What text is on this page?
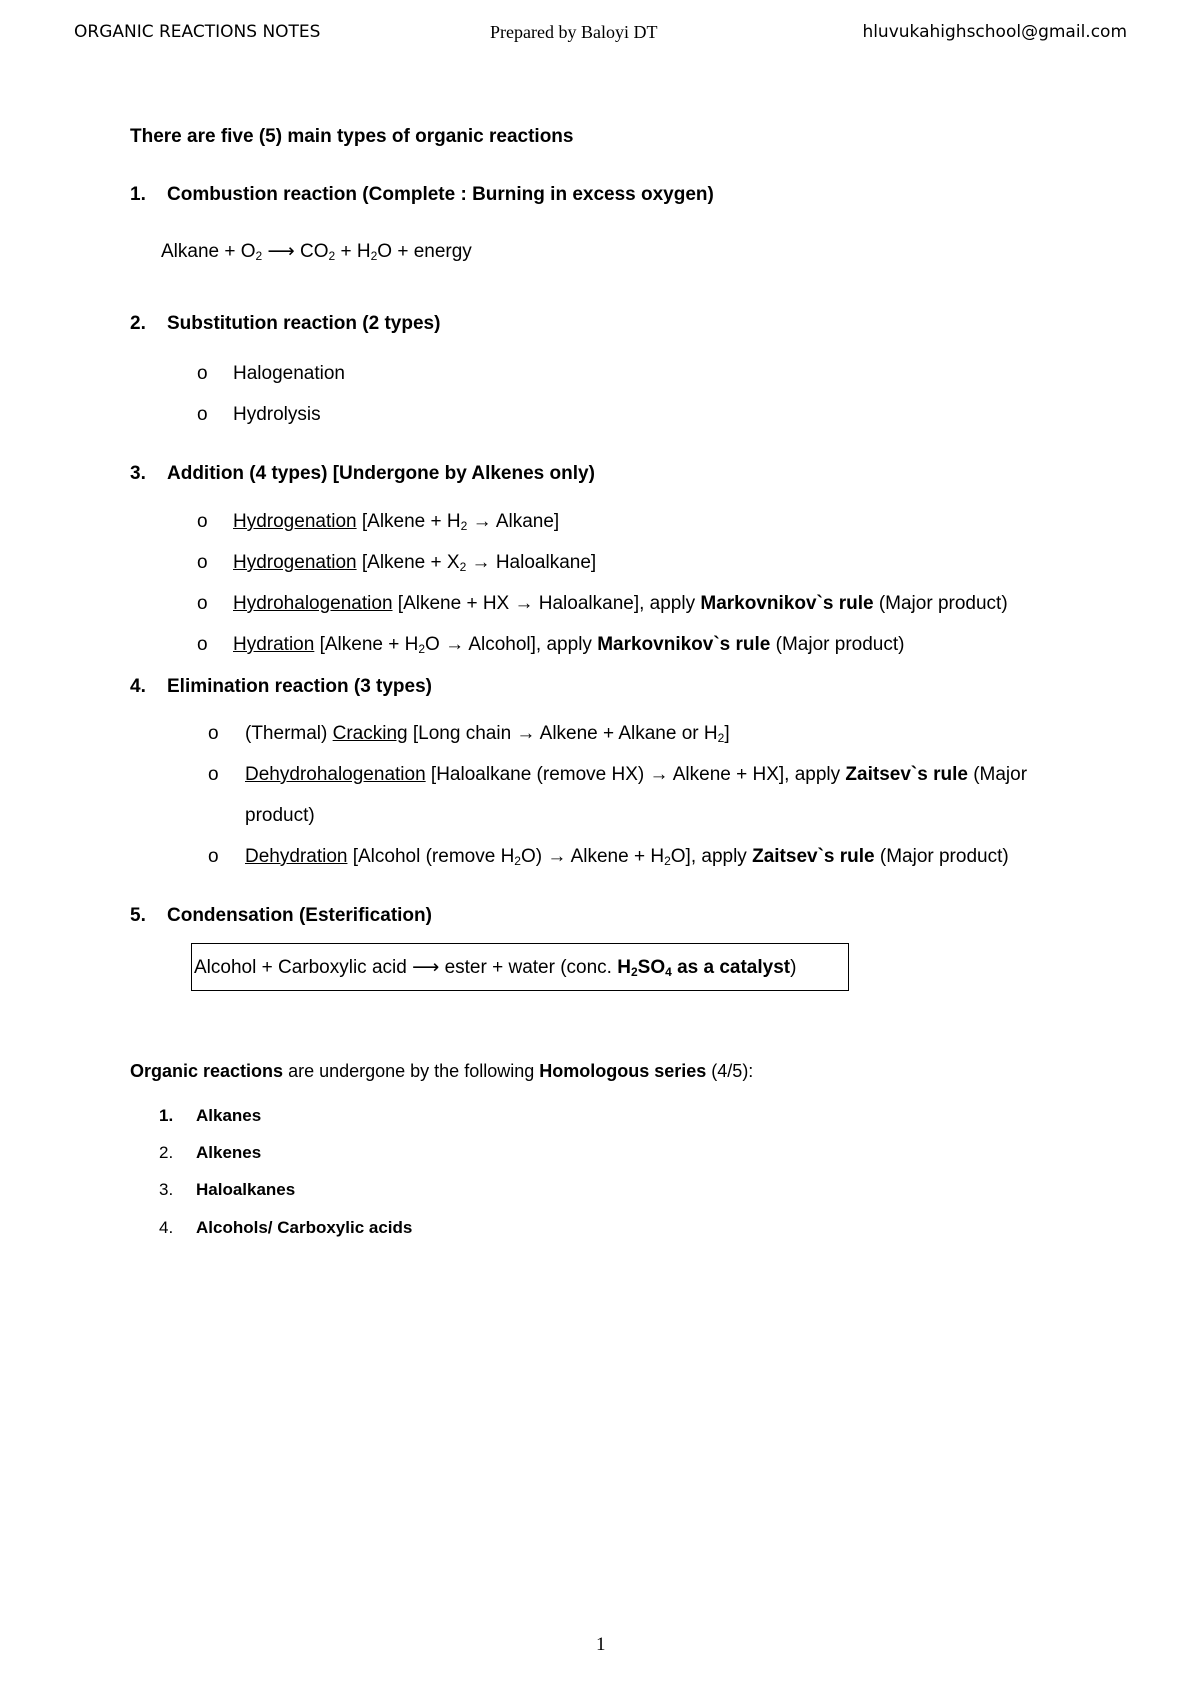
ORGANIC REACTIONS NOTES	Prepared by Baloyi DT	hluvukahighschool@gmail.com
There are five (5) main types of organic reactions
1. Combustion reaction (Complete : Burning in excess oxygen)
Alkane + $O_2$ ⟶ $CO_2 + H_2O$ + energy
2. Substitution reaction (2 types)
o Halogenation
o Hydrolysis
3. Addition (4 types) [Undergone by Alkenes only)
o Hydrogenation [Alkene + $H_2$ → Alkane]
o Hydrogenation [Alkene + $X_2$ → Haloalkane]
o Hydrohalogenation [Alkene + HX → Haloalkane], apply Markovnikov`s rule (Major product)
o Hydration [Alkene + $H_2O$ → Alcohol], apply Markovnikov`s rule (Major product)
4. Elimination reaction (3 types)
o (Thermal) Cracking [Long chain → Alkene + Alkane or $H_2$]
o Dehydrohalogenation [Haloalkane (remove HX) → Alkene + HX], apply Zaitsev`s rule (Major
product)
o Dehydration [Alcohol (remove $H_2O$) → Alkene + $H_2O$], apply Zaitsev`s rule (Major product)
5. Condensation (Esterification)
Alcohol + Carboxylic acid ⟶ ester + water (conc. $H_2SO_4$ as a catalyst)
Organic reactions are undergone by the following Homologous series (4/5):
1. Alkanes
2. Alkenes
3. Haloalkanes
4. Alcohols/ Carboxylic acids
1
